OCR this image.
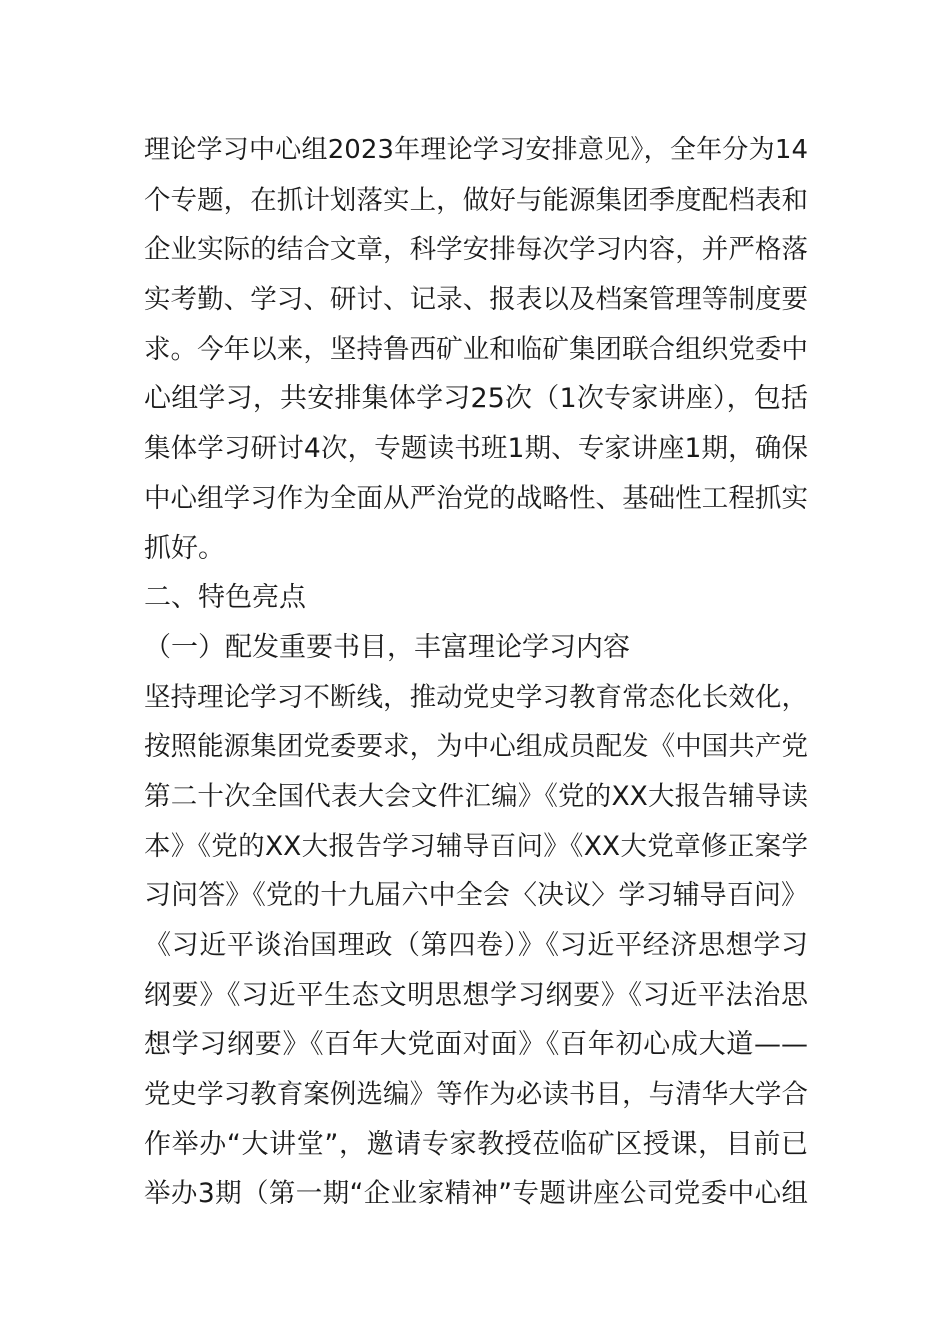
理论学习中心组2023年理论学习安排意见》，全年分为14
个专题，在抓计划落实上，做好与能源集团季度配档表和
企业实际的结合文章，科学安排每次学习内容，并严格落
实考勤、学习、研讨、记录、报表以及档案管理等制度要
求。今年以来，坚持鲁西矿业和临矿集团联合组织党委中
心组学习，共安排集体学习25次（1次专家讲座），包括
集体学习研讨4次，专题读书班1期、专家讲座1期，确保
中心组学习作为全面从严治党的战略性、基础性工程抓实
抓好。
二、特色亮点
（一）配发重要书目，丰富理论学习内容
坚持理论学习不断线，推动党史学习教育常态化长效化，
按照能源集团党委要求，为中心组成员配发《中国共产党
第二十次全国代表大会文件汇编》《党的XX大报告辅导读
本》《党的XX大报告学习辅导百问》《XX大党章修正案学
习问答》《党的十九届六中全会〈决议〉学习辅导百问》
《习近平谈治国理政（第四卷）》《习近平经济思想学习
纲要》《习近平生态文明思想学习纲要》《习近平法治思
想学习纲要》《百年大党面对面》《百年初心成大道——
党史学习教育案例选编》等作为必读书目，与清华大学合
作举办“大讲堂”，邀请专家教授莅临矿区授课，目前已
举办3期（第一期“企业家精神”专题讲座公司党委中心组
